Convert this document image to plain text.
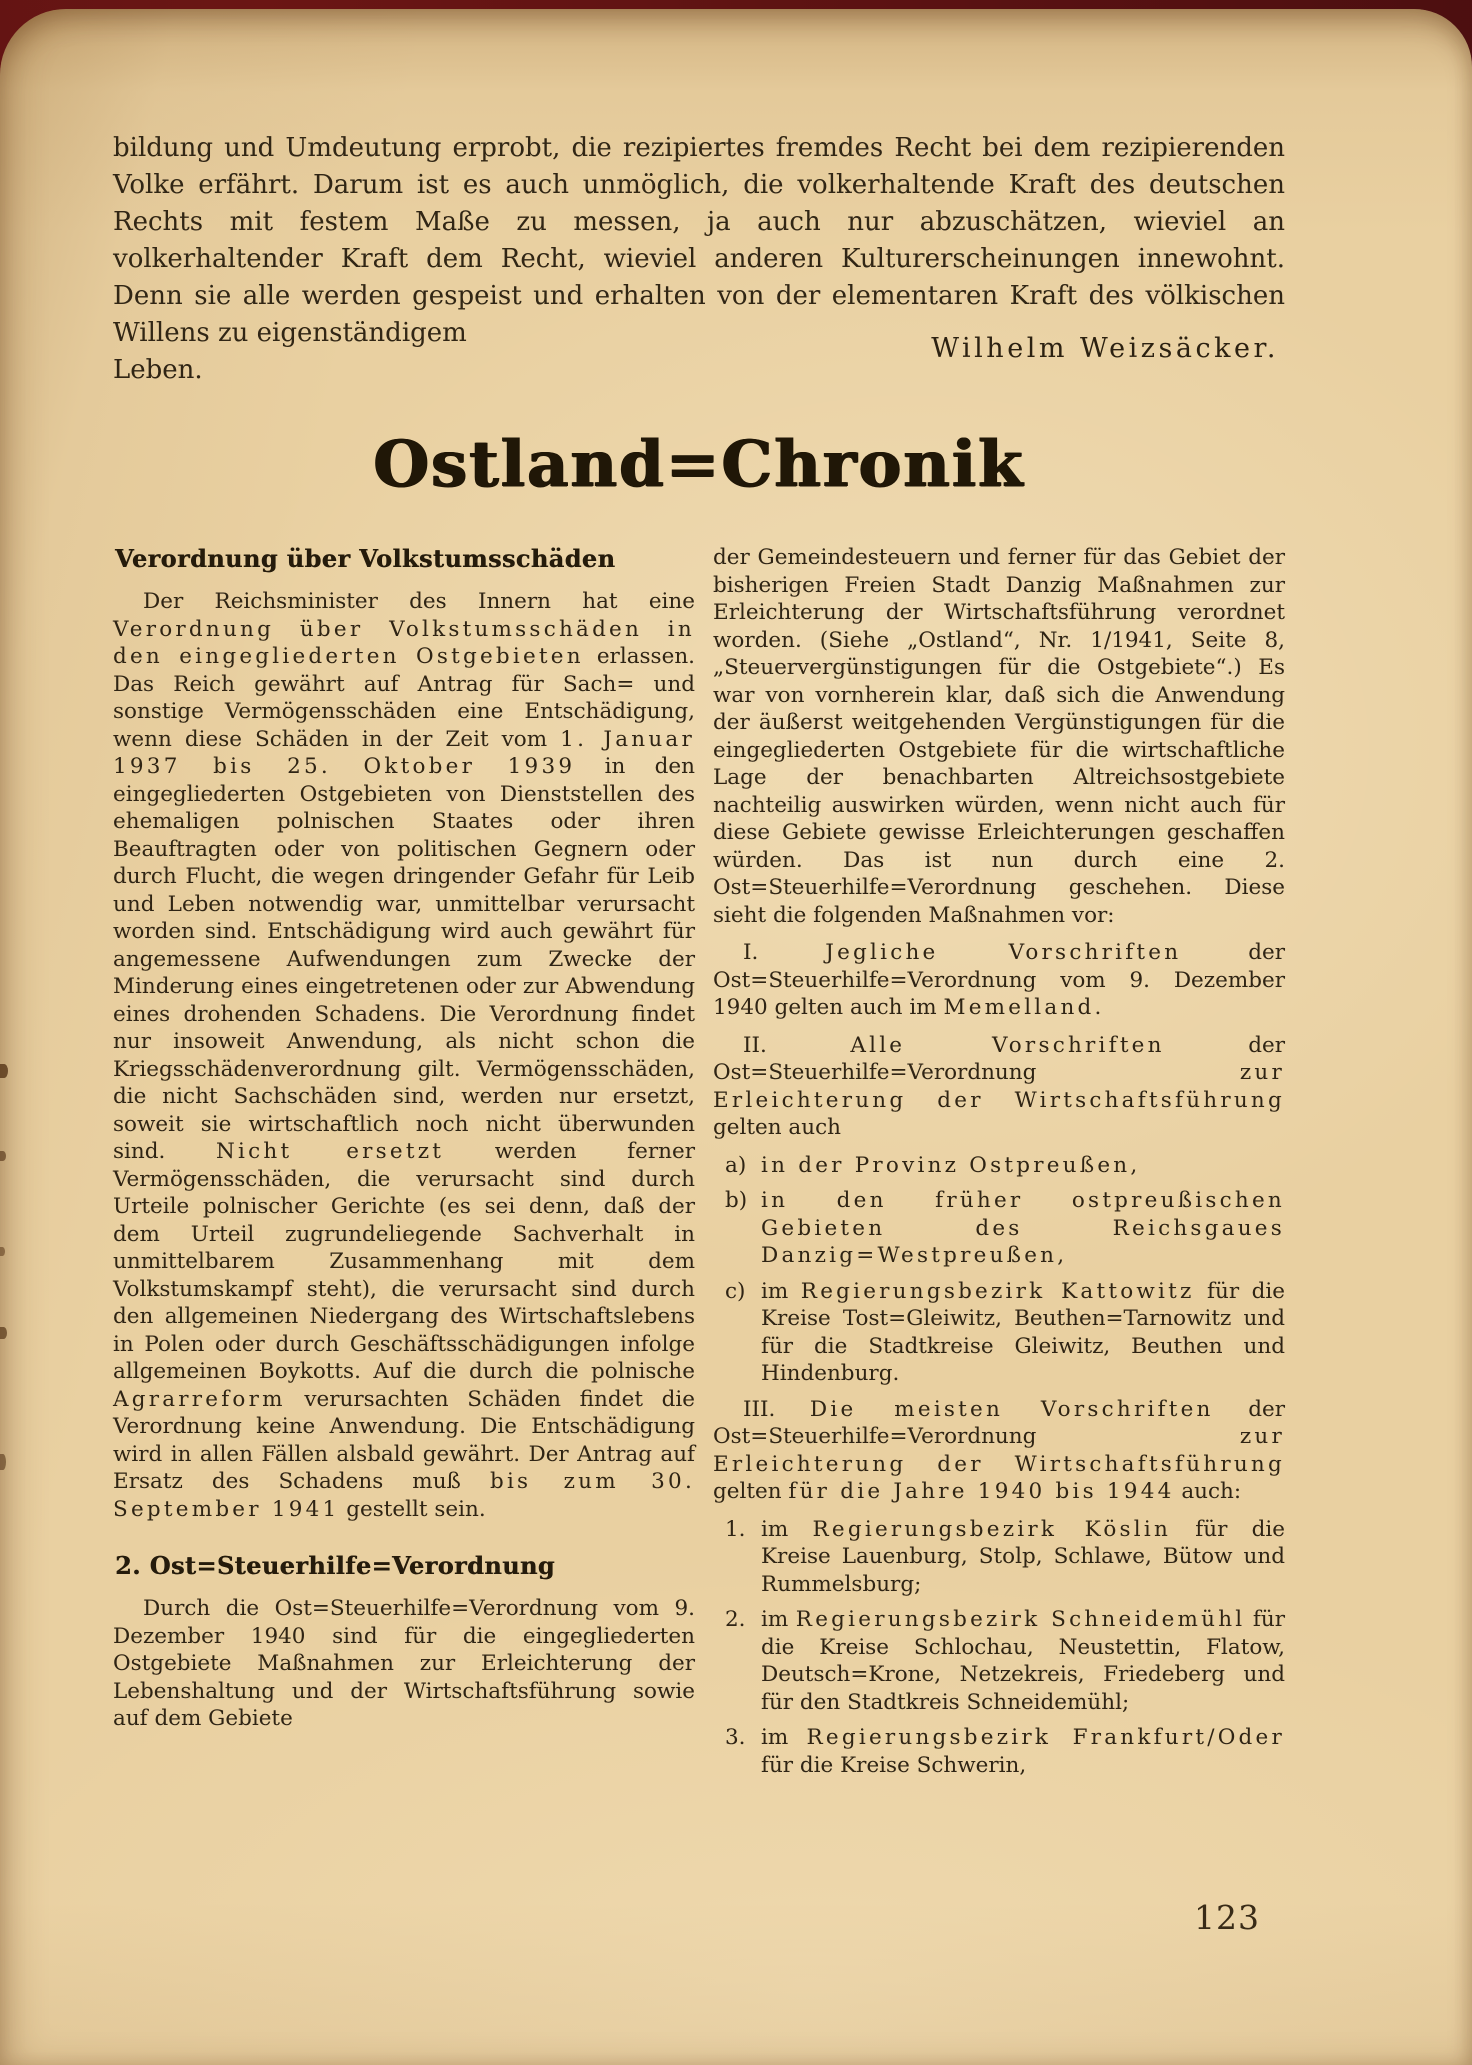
bildung und Umdeutung erprobt, die rezipiertes fremdes Recht bei dem rezipierenden Volke erfährt. Darum ist es auch unmöglich, die volkerhaltende Kraft des deutschen Rechts mit festem Maße zu messen, ja auch nur abzuschätzen, wieviel an volkerhaltender Kraft dem Recht, wieviel anderen Kulturerscheinungen innewohnt. Denn sie alle werden gespeist und erhalten von der elementaren Kraft des völkischen Willens zu eigenständigem
Leben.
Wilhelm Weizsäcker.
Ostland=Chronik
Verordnung über Volkstumsschäden

Der Reichsminister des Innern hat eine Verordnung über Volkstumsschäden in den eingegliederten Ostgebieten erlassen. Das Reich gewährt auf Antrag für Sach= und sonstige Vermögensschäden eine Entschädigung, wenn diese Schäden in der Zeit vom 1. Januar 1937 bis 25. Oktober 1939 in den eingegliederten Ostgebieten von Dienststellen des ehemaligen polnischen Staates oder ihren Beauftragten oder von politischen Gegnern oder durch Flucht, die wegen dringender Gefahr für Leib und Leben notwendig war, unmittelbar verursacht worden sind. Entschädigung wird auch gewährt für angemessene Aufwendungen zum Zwecke der Minderung eines eingetretenen oder zur Abwendung eines drohenden Schadens. Die Verordnung findet nur insoweit Anwendung, als nicht schon die Kriegsschädenverordnung gilt. Vermögensschäden, die nicht Sachschäden sind, werden nur ersetzt, soweit sie wirtschaftlich noch nicht überwunden sind. Nicht ersetzt werden ferner Vermögensschäden, die verursacht sind durch Urteile polnischer Gerichte (es sei denn, daß der dem Urteil zugrundeliegende Sachverhalt in unmittelbarem Zusammenhang mit dem Volkstumskampf steht), die verursacht sind durch den allgemeinen Niedergang des Wirtschaftslebens in Polen oder durch Geschäftsschädigungen infolge allgemeinen Boykotts. Auf die durch die polnische Agrarreform verursachten Schäden findet die Verordnung keine Anwendung. Die Entschädigung wird in allen Fällen alsbald gewährt. Der Antrag auf Ersatz des Schadens muß bis zum 30. September 1941 gestellt sein.

2. Ost=Steuerhilfe=Verordnung

Durch die Ost=Steuerhilfe=Verordnung vom 9. Dezember 1940 sind für die eingegliederten Ostgebiete Maßnahmen zur Erleichterung der Lebenshaltung und der Wirtschaftsführung sowie auf dem Gebiete

der Gemeindesteuern und ferner für das Gebiet der bisherigen Freien Stadt Danzig Maßnahmen zur Erleichterung der Wirtschaftsführung verordnet worden. (Siehe „Ostland“, Nr. 1/1941, Seite 8, „Steuervergünstigungen für die Ostgebiete“.) Es war von vornherein klar, daß sich die Anwendung der äußerst weitgehenden Vergünstigungen für die eingegliederten Ostgebiete für die wirtschaftliche Lage der benachbarten Altreichsostgebiete nachteilig auswirken würden, wenn nicht auch für diese Gebiete gewisse Erleichterungen geschaffen würden. Das ist nun durch eine 2. Ost=Steuerhilfe=Verordnung geschehen. Diese sieht die folgenden Maßnahmen vor:

I. Jegliche Vorschriften der Ost=Steuerhilfe=Verordnung vom 9. Dezember 1940 gelten auch im Memelland.

II. Alle Vorschriften der Ost=Steuerhilfe=Verordnung zur Erleichterung der Wirtschaftsführung gelten auch

a) in der Provinz Ostpreußen,
b) in den früher ostpreußischen Gebieten des Reichsgaues Danzig=Westpreußen,
c) im Regierungsbezirk Kattowitz für die Kreise Tost=Gleiwitz, Beuthen=Tarnowitz und für die Stadtkreise Gleiwitz, Beuthen und Hindenburg.

III. Die meisten Vorschriften der Ost=Steuerhilfe=Verordnung zur Erleichterung der Wirtschaftsführung gelten für die Jahre 1940 bis 1944 auch:

1. im Regierungsbezirk Köslin für die Kreise Lauenburg, Stolp, Schlawe, Bütow und Rummelsburg;
2. im Regierungsbezirk Schneidemühl für die Kreise Schlochau, Neustettin, Flatow, Deutsch=Krone, Netzekreis, Friedeberg und für den Stadtkreis Schneidemühl;
3. im Regierungsbezirk Frankfurt/Oder für die Kreise Schwerin,
123
